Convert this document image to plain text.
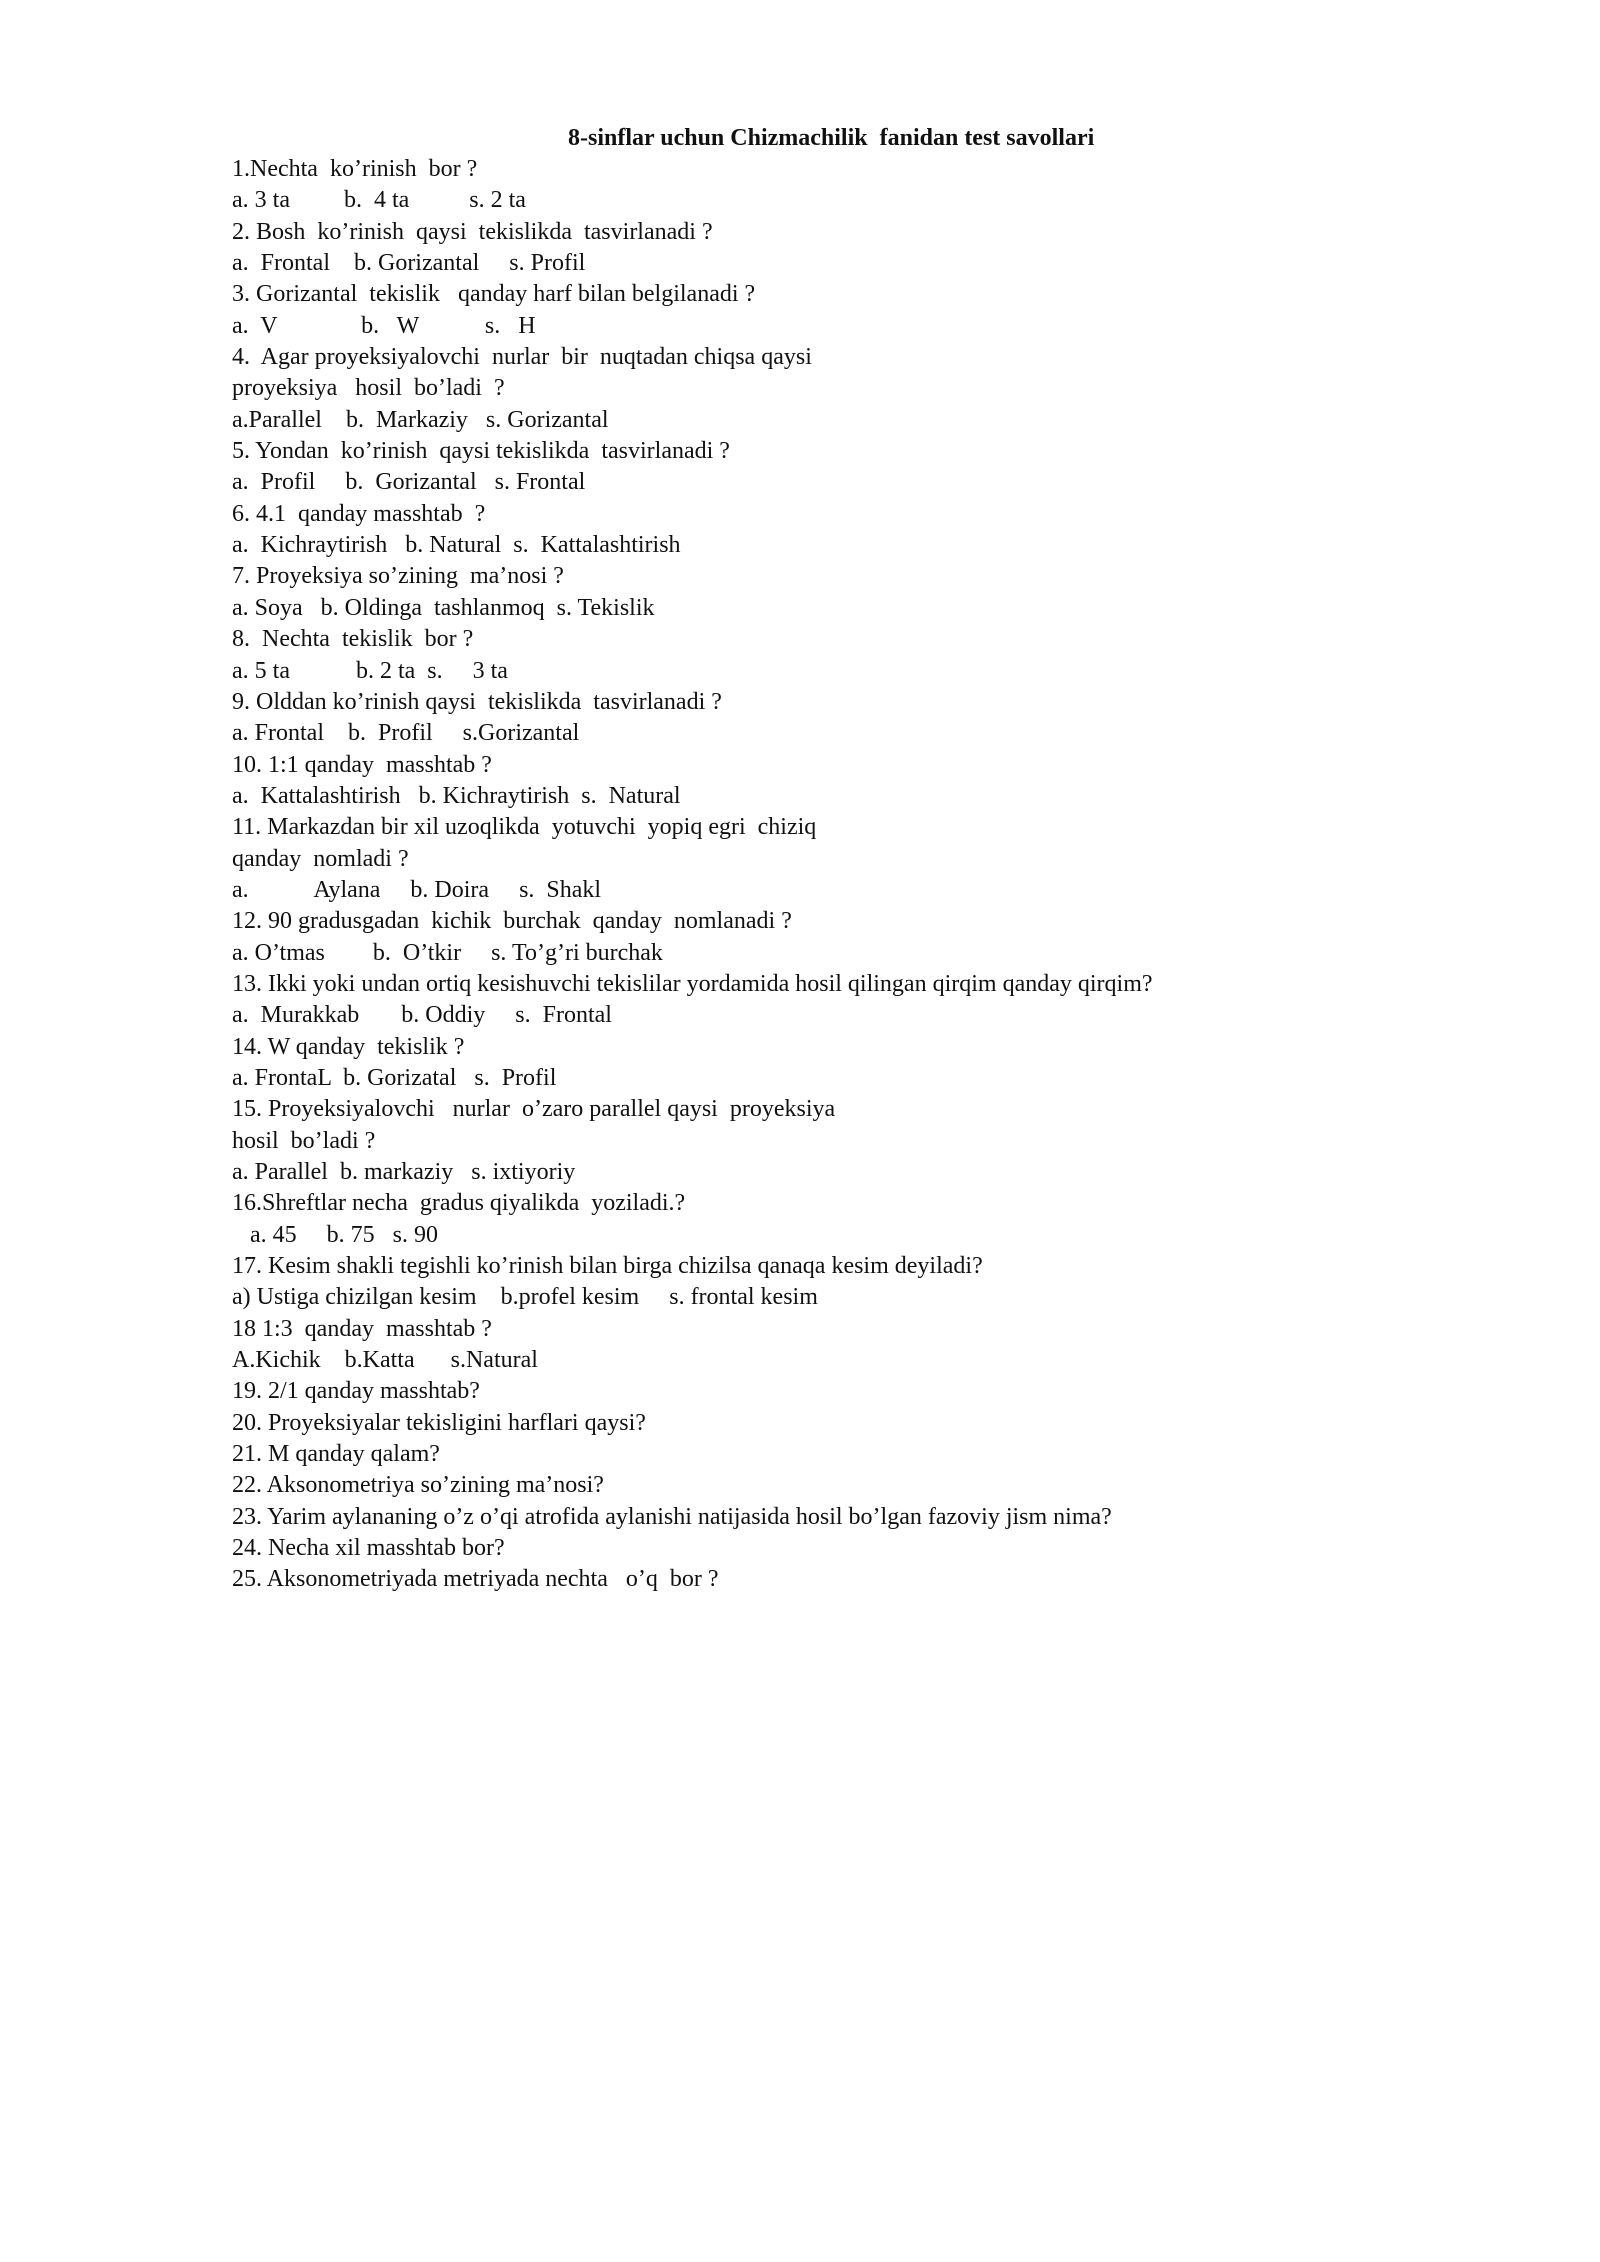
8-sinflar uchun Chizmachilik  fanidan test savollari
1.Nechta  ko’rinish  bor ?
a. 3 ta         b.  4 ta          s. 2 ta
2. Bosh  ko’rinish  qaysi  tekislikda  tasvirlanadi ?
a.  Frontal    b. Gorizantal     s. Profil
3. Gorizantal  tekislik   qanday harf bilan belgilanadi ?
a.  V              b.   W           s.   H
4.  Agar proyeksiyalovchi  nurlar  bir  nuqtadan chiqsa qaysi
proyeksiya   hosil  bo’ladi  ?
a.Parallel    b.  Markaziy   s. Gorizantal
5. Yondan  ko’rinish  qaysi tekislikda  tasvirlanadi ?
a.  Profil     b.  Gorizantal   s. Frontal
6. 4.1  qanday masshtab  ?
a.  Kichraytirish   b. Natural  s.  Kattalashtirish
7. Proyeksiya so’zining  ma’nosi ?
a. Soya   b. Oldinga  tashlanmoq  s. Tekislik
8.  Nechta  tekislik  bor ?
a. 5 ta           b. 2 ta  s.     3 ta
9. Olddan ko’rinish qaysi  tekislikda  tasvirlanadi ?
a. Frontal    b.  Profil     s.Gorizantal
10. 1:1 qanday  masshtab ?
a.  Kattalashtirish   b. Kichraytirish  s.  Natural
11. Markazdan bir xil uzoqlikda  yotuvchi  yopiq egri  chiziq
qanday  nomladi ?
a.           Aylana     b. Doira     s.  Shakl
12. 90 gradusgadan  kichik  burchak  qanday  nomlanadi ?
a. O’tmas        b.  O’tkir     s. To’g’ri burchak
13. Ikki yoki undan ortiq kesishuvchi tekislilar yordamida hosil qilingan qirqim qanday qirqim?
a.  Murakkab       b. Oddiy     s.  Frontal
14. W qanday  tekislik ?
a. FrontaL  b. Gorizatal   s.  Profil
15. Proyeksiyalovchi   nurlar  o’zaro parallel qaysi  proyeksiya
hosil  bo’ladi ?
a. Parallel  b. markaziy   s. ixtiyoriy
16.Shreftlar necha  gradus qiyalikda  yoziladi.?
a. 45     b. 75   s. 90
17. Kesim shakli tegishli ko’rinish bilan birga chizilsa qanaqa kesim deyiladi?
a) Ustiga chizilgan kesim    b.profel kesim     s. frontal kesim
18 1:3  qanday  masshtab ?
A.Kichik    b.Katta      s.Natural
19. 2/1 qanday masshtab?
20. Proyeksiyalar tekisligini harflari qaysi?
21. M qanday qalam?
22. Aksonometriya so’zining ma’nosi?
23. Yarim aylananing o’z o’qi atrofida aylanishi natijasida hosil bo’lgan fazoviy jism nima?
24. Necha xil masshtab bor?
25. Aksonometriyada metriyada nechta   o’q  bor ?
